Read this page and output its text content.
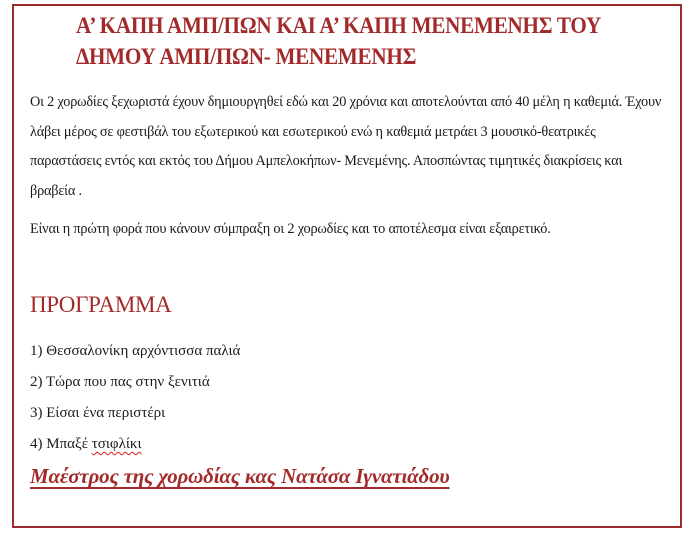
Α’ ΚΑΠΗ ΑΜΠ/ΠΩΝ ΚΑΙ Α’ ΚΑΠΗ ΜΕΝΕΜΕΝΗΣ ΤΟΥ
ΔΗΜΟΥ ΑΜΠ/ΠΩΝ- ΜΕΝΕΜΕΝΗΣ
Οι 2 χορωδίες ξεχωριστά έχουν δημιουργηθεί εδώ και 20 χρόνια και αποτελούνται από 40 μέλη η καθεμιά. Έχουν λάβει μέρος σε φεστιβάλ του εξωτερικού και εσωτερικού ενώ η καθεμιά μετράει 3 μουσικό-θεατρικές παραστάσεις εντός και εκτός του Δήμου Αμπελοκήπων- Μενεμένης. Αποσπώντας τιμητικές διακρίσεις και βραβεία .
Είναι η πρώτη φορά που κάνουν σύμπραξη οι 2 χορωδίες και το αποτέλεσμα είναι εξαιρετικό.
ΠΡΟΓΡΑΜΜΑ
1) Θεσσαλονίκη αρχόντισσα παλιά
2) Τώρα που πας στην ξενιτιά
3) Είσαι ένα περιστέρι
4) Μπαξέ τσιφλίκι
Μαέστρος της χορωδίας κας Νατάσα Ιγνατιάδου
